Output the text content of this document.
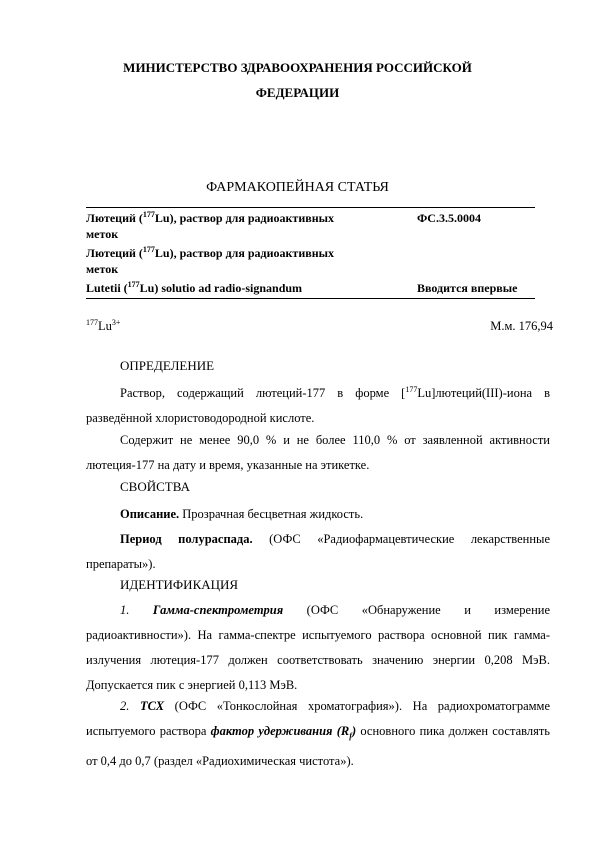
МИНИСТЕРСТВО ЗДРАВООХРАНЕНИЯ РОССИЙСКОЙ
ФЕДЕРАЦИИ
ФАРМАКОПЕЙНАЯ СТАТЬЯ
Лютеций ($^{177}$Lu), раствор для радиоактивных
меток
ФС.3.5.0004
Лютеций ($^{177}$Lu), раствор для радиоактивных
меток
Lutetii ($^{177}$Lu) solutio ad radio-signandum	Вводится впервые
$^{177}Lu^{3+}$	М.м. 176,94
ОПРЕДЕЛЕНИЕ
Раствор, содержащий лютеций-177 в форме [$^{177}$Lu]лютеций(III)-иона в разведённой хлористоводородной кислоте.
Содержит не менее 90,0 % и не более 110,0 % от заявленной активности лютеция-177 на дату и время, указанные на этикетке.
СВОЙСТВА
Описание. Прозрачная бесцветная жидкость.
Период полураспада. (ОФС «Радиофармацевтические лекарственные препараты»).
ИДЕНТИФИКАЦИЯ
1. Гамма-спектрометрия (ОФС «Обнаружение и измерение радиоактивности»). На гамма-спектре испытуемого раствора основной пик гамма-излучения лютеция-177 должен соответствовать значению энергии 0,208 МэВ. Допускается пик с энергией 0,113 МэВ.
2. ТСХ (ОФС «Тонкослойная хроматография»). На радиохроматограмме испытуемого раствора фактор удерживания $(R_f)$ основного пика должен составлять от 0,4 до 0,7 (раздел «Радиохимическая чистота»).
